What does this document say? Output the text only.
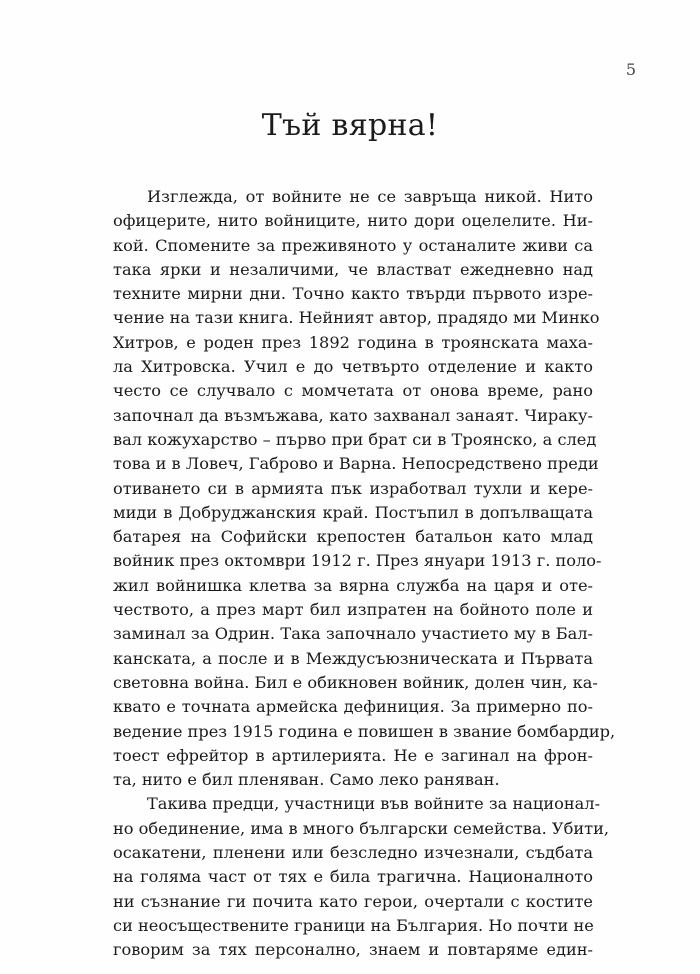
5
Тъй вярна!
Изглежда, от войните не се завръща никой. Нито
офицерите, нито войниците, нито дори оцелелите. Ни-
кой. Спомените за преживяното у останалите живи са
така ярки и незаличими, че властват ежедневно над
техните мирни дни. Точно както твърди първото изре-
чение на тази книга. Нейният автор, прадядо ми Минко
Хитров, е роден през 1892 година в троянската маха-
ла Хитровска. Учил е до четвърто отделение и както
често се случвало с момчетата от онова време, рано
започнал да възмъжава, като захванал занаят. Чираку-
вал кожухарство – първо при брат си в Троянско, а след
това и в Ловеч, Габрово и Варна. Непосредствено преди
отиването си в армията пък изработвал тухли и кере-
миди в Добруджанския край. Постъпил в допълващата
батарея на Софийски крепостен батальон като млад
войник през октомври 1912 г. През януари 1913 г. поло-
жил войнишка клетва за вярна служба на царя и оте-
чеството, а през март бил изпратен на бойното поле и
заминал за Одрин. Така започнало участието му в Бал-
канската, а после и в Междусъюзническата и Първата
световна война. Бил е обикновен войник, долен чин, ка-
квато е точната армейска дефиниция. За примерно по-
ведение през 1915 година е повишен в звание бомбардир,
тоест ефрейтор в артилерията. Не е загинал на фрон-
та, нито е бил пленяван. Само леко раняван.
Такива предци, участници във войните за национал-
но обединение, има в много български семейства. Убити,
осакатени, пленени или безследно изчезнали, съдбата
на голяма част от тях е била трагична. Националното
ни съзнание ги почита като герои, очертали с костите
си неосъществените граници на България. Но почти не
говорим за тях персонално, знаем и повтаряме един-
